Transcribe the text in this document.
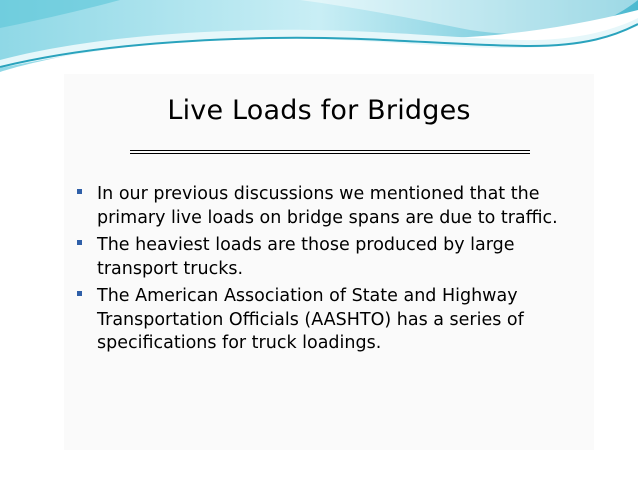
Live Loads for Bridges
In our previous discussions we mentioned that the primary live loads on bridge spans are due to traffic.
The heaviest loads are those produced by large transport trucks.
The American Association of State and Highway Transportation Officials (AASHTO) has a series of specifications for truck loadings.
